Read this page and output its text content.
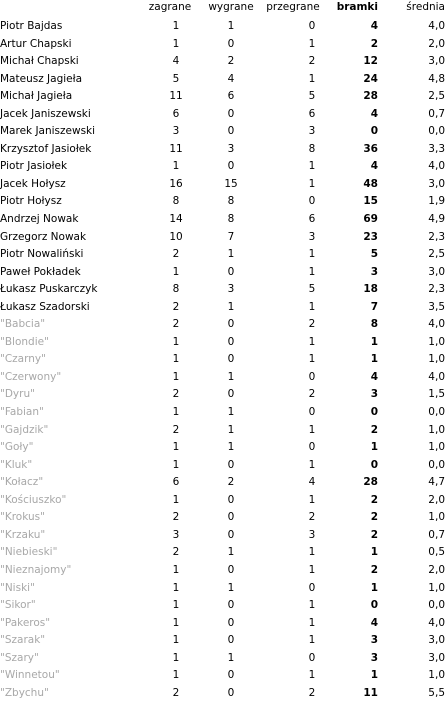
	zagrane	wygrane	przegrane	bramki	średnia
Piotr Bajdas	1	1	0	4	4,0
Artur Chapski	1	0	1	2	2,0
Michał Chapski	4	2	2	12	3,0
Mateusz Jagieła	5	4	1	24	4,8
Michał Jagieła	11	6	5	28	2,5
Jacek Janiszewski	6	0	6	4	0,7
Marek Janiszewski	3	0	3	0	0,0
Krzysztof Jasiołek	11	3	8	36	3,3
Piotr Jasiołek	1	0	1	4	4,0
Jacek Hołysz	16	15	1	48	3,0
Piotr Hołysz	8	8	0	15	1,9
Andrzej Nowak	14	8	6	69	4,9
Grzegorz Nowak	10	7	3	23	2,3
Piotr Nowaliński	2	1	1	5	2,5
Paweł Pokładek	1	0	1	3	3,0
Łukasz Puskarczyk	8	3	5	18	2,3
Łukasz Szadorski	2	1	1	7	3,5
"Babcia"	2	0	2	8	4,0
"Blondie"	1	0	1	1	1,0
"Czarny"	1	0	1	1	1,0
"Czerwony"	1	1	0	4	4,0
"Dyru"	2	0	2	3	1,5
"Fabian"	1	1	0	0	0,0
"Gajdzik"	2	1	1	2	1,0
"Goły"	1	1	0	1	1,0
"Kluk"	1	0	1	0	0,0
"Kołacz"	6	2	4	28	4,7
"Kościuszko"	1	0	1	2	2,0
"Krokus"	2	0	2	2	1,0
"Krzaku"	3	0	3	2	0,7
"Niebieski"	2	1	1	1	0,5
"Nieznajomy"	1	0	1	2	2,0
"Niski"	1	1	0	1	1,0
"Sikor"	1	0	1	0	0,0
"Pakeros"	1	0	1	4	4,0
"Szarak"	1	0	1	3	3,0
"Szary"	1	1	0	3	3,0
"Winnetou"	1	0	1	1	1,0
"Zbychu"	2	0	2	11	5,5
